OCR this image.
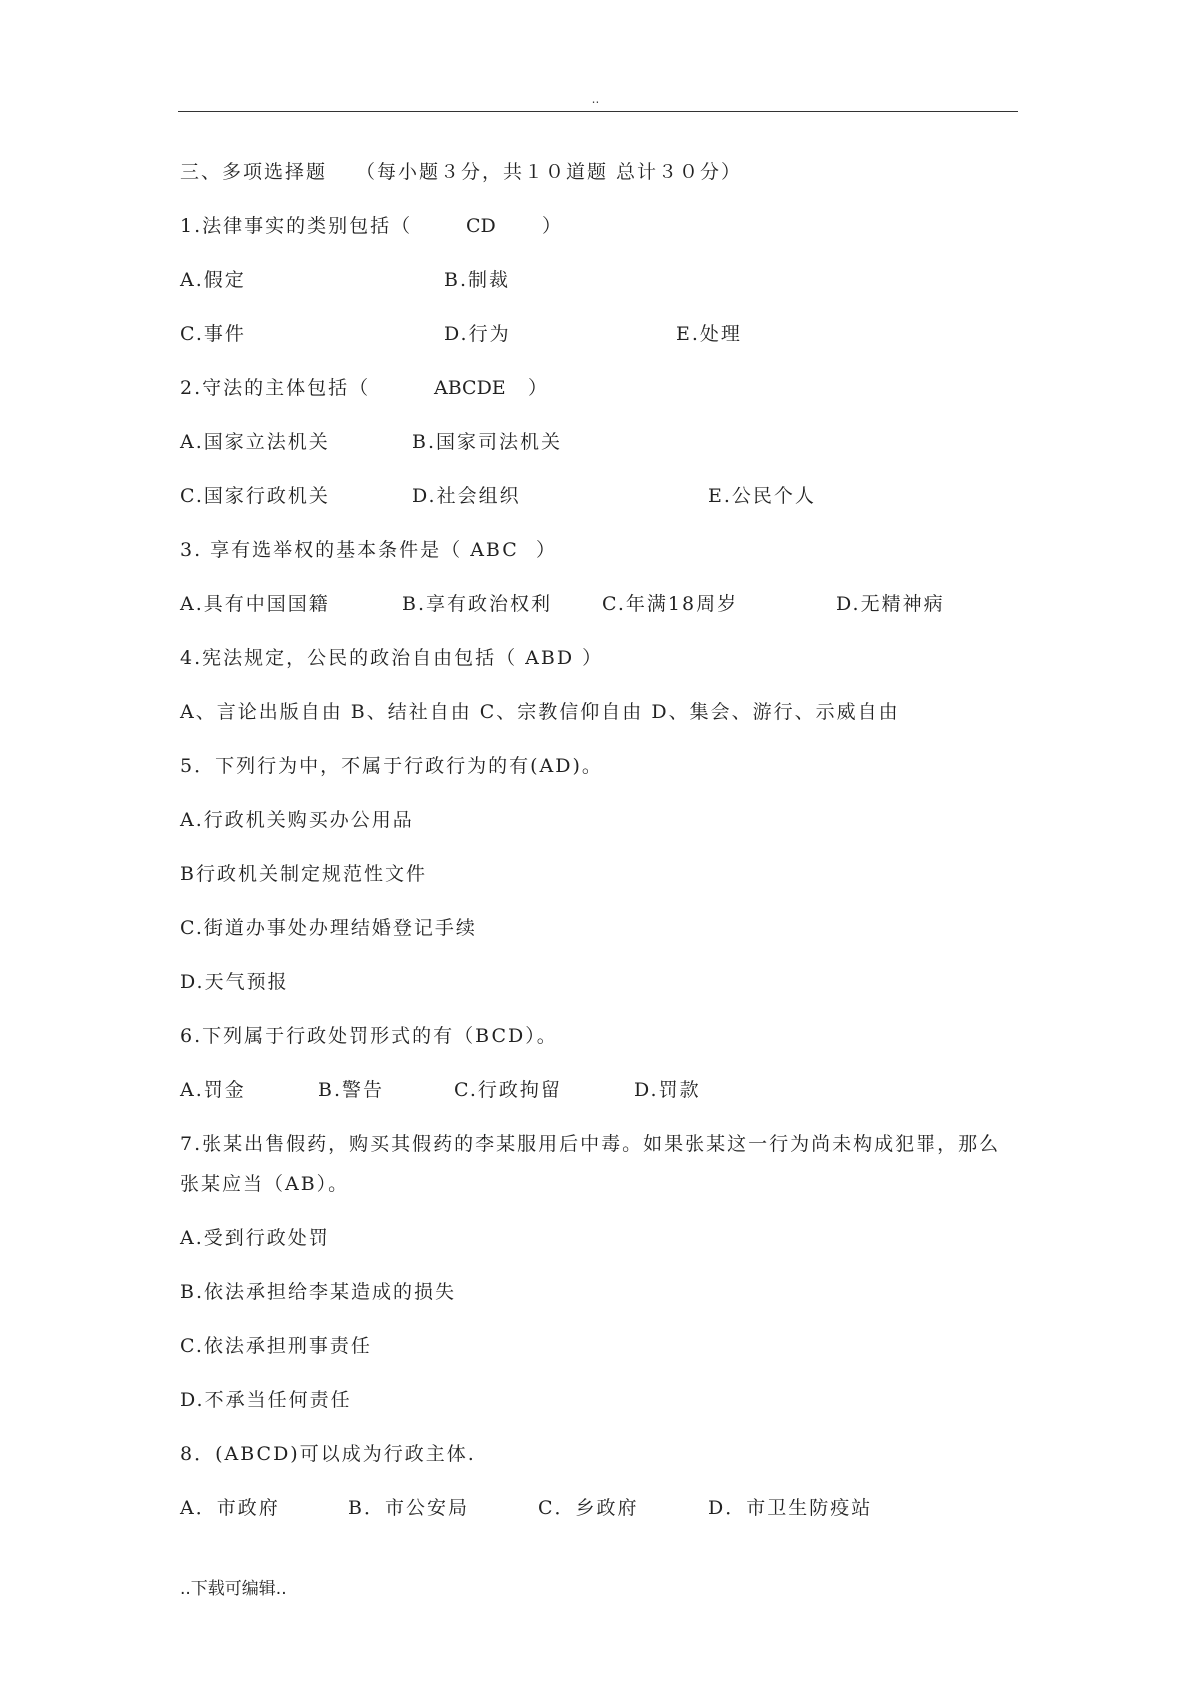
..
三、多项选择题 （每小题３分，共１０道题 总计３０分）
1.法律事实的类别包括（	CD ）
A.假定	B.制裁
C.事件	D.行为	E.处理
2.守法的主体包括（	ABCDE ）
A.国家立法机关	B.国家司法机关
C.国家行政机关	D.社会组织	E.公民个人
3. 享有选举权的基本条件是（ ABC ）
A.具有中国国籍	B.享有政治权利	C.年满18周岁	D.无精神病
4.宪法规定，公民的政治自由包括（ ABD ）
A、言论出版自由 B、结社自由 C、宗教信仰自由 D、集会、游行、示威自由
5．下列行为中，不属于行政行为的有(AD)。
A.行政机关购买办公用品
B行政机关制定规范性文件
C.街道办事处办理结婚登记手续
D.天气预报
6.下列属于行政处罚形式的有（BCD）。
A.罚金	B.警告	C.行政拘留	D.罚款
7.张某出售假药，购买其假药的李某服用后中毒。如果张某这一行为尚未构成犯罪，那么
张某应当（AB）。
A.受到行政处罚
B.依法承担给李某造成的损失
C.依法承担刑事责任
D.不承当任何责任
8．(ABCD)可以成为行政主体.
A．市政府	B．市公安局	C．乡政府	D．市卫生防疫站
..下载可编辑..
